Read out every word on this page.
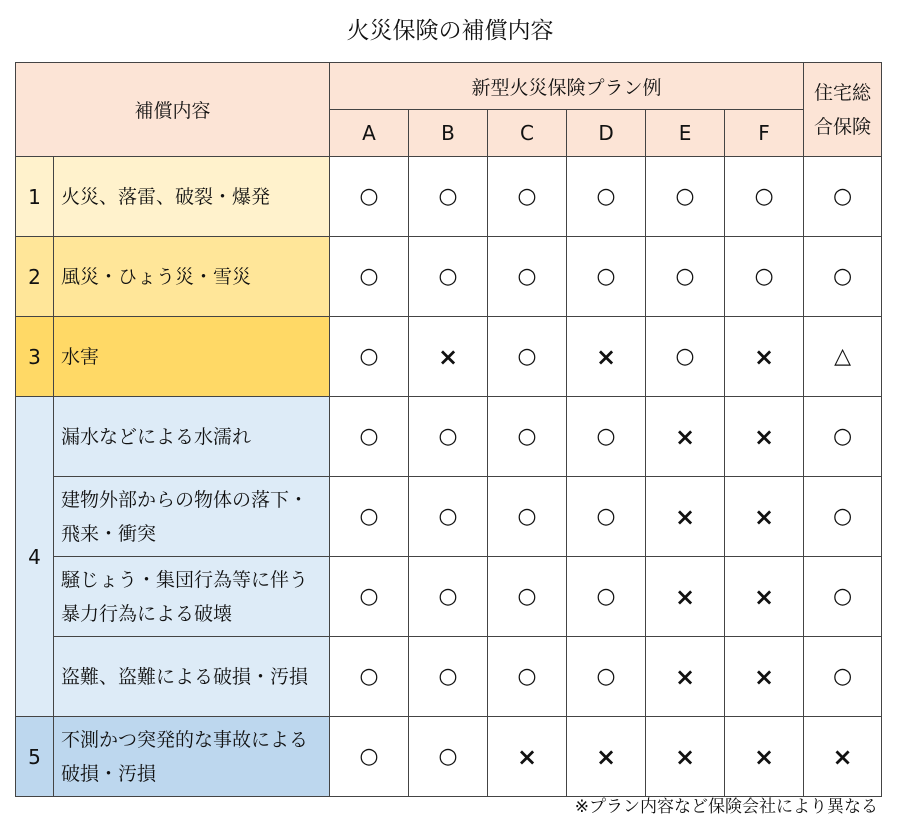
火災保険の補償内容
補償内容		新型火災保険プラン例						住宅総合保険
		A	B	C	D	E	F	
1	火災、落雷、破裂・爆発	○	○	○	○	○	○	○
2	風災・ひょう災・雪災	○	○	○	○	○	○	○
3	水害	○	×	○	×	○	×	△
4	漏水などによる水濡れ	○	○	○	○	×	×	○
	建物外部からの物体の落下・飛来・衝突	○	○	○	○	×	×	○
	騒じょう・集団行為等に伴う暴力行為による破壊	○	○	○	○	×	×	○
	盗難、盗難による破損・汚損	○	○	○	○	×	×	○
5	不測かつ突発的な事故による破損・汚損	○	○	×	×	×	×	×
※プラン内容など保険会社により異なる
